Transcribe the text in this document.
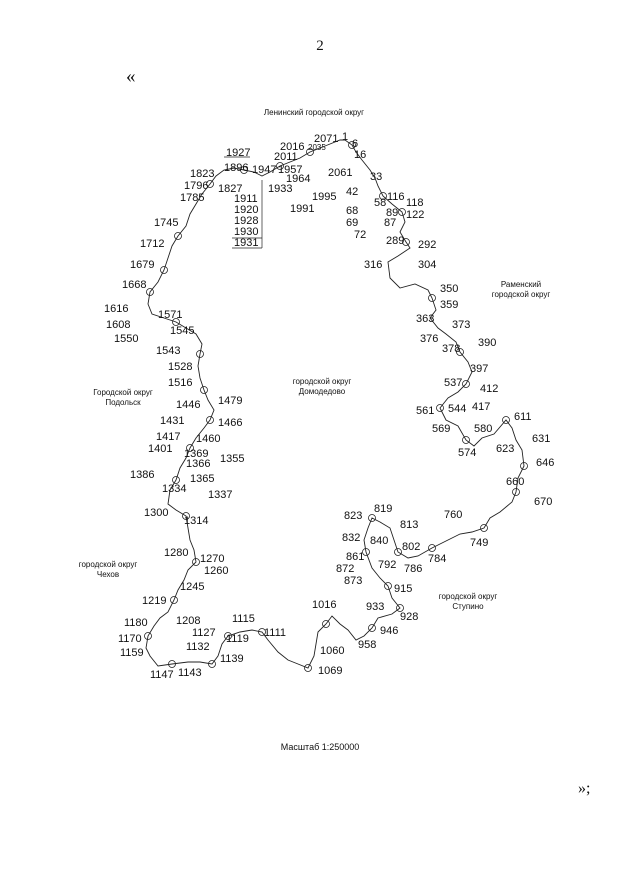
2
«
1
6
16
33
42
58
68
69
72
87
89
116 118
122
289 292
304
316
350
359
363 373
376
378 390
397
412
417
537
544
561
569
574
580
611
623
631
646
660
670
749
760
784
786
792
802
813
819
823
832 840
861
872
873
915
928
933
946
958
1016
1060
1069
1111
1115
1119
1127
1132
1139
1143
1147
1159
1170
1180	1208
1219
1245
1260
1270
1280
1300
1314
1334 1337
1355
1365
1366
1369
1386
1401
1417
1431
1446
1460
1466
1479
1516
1528
1543
1545
1550
1571
1608
1616
1668
1679
1712
1745
1785
1796
1823
1827
1896
1911
1920
1927
1928
1930
1931
1933
1947 1957
1964
1991
1995
2011
2016 2035
2061
2071
Ленинский городской округ
Раменский
городской округ
Городской округ
Подольск
городской округ
Домодедово
городской округ
Чехов
городской округ
Ступино
Масштаб 1:250000
»;
